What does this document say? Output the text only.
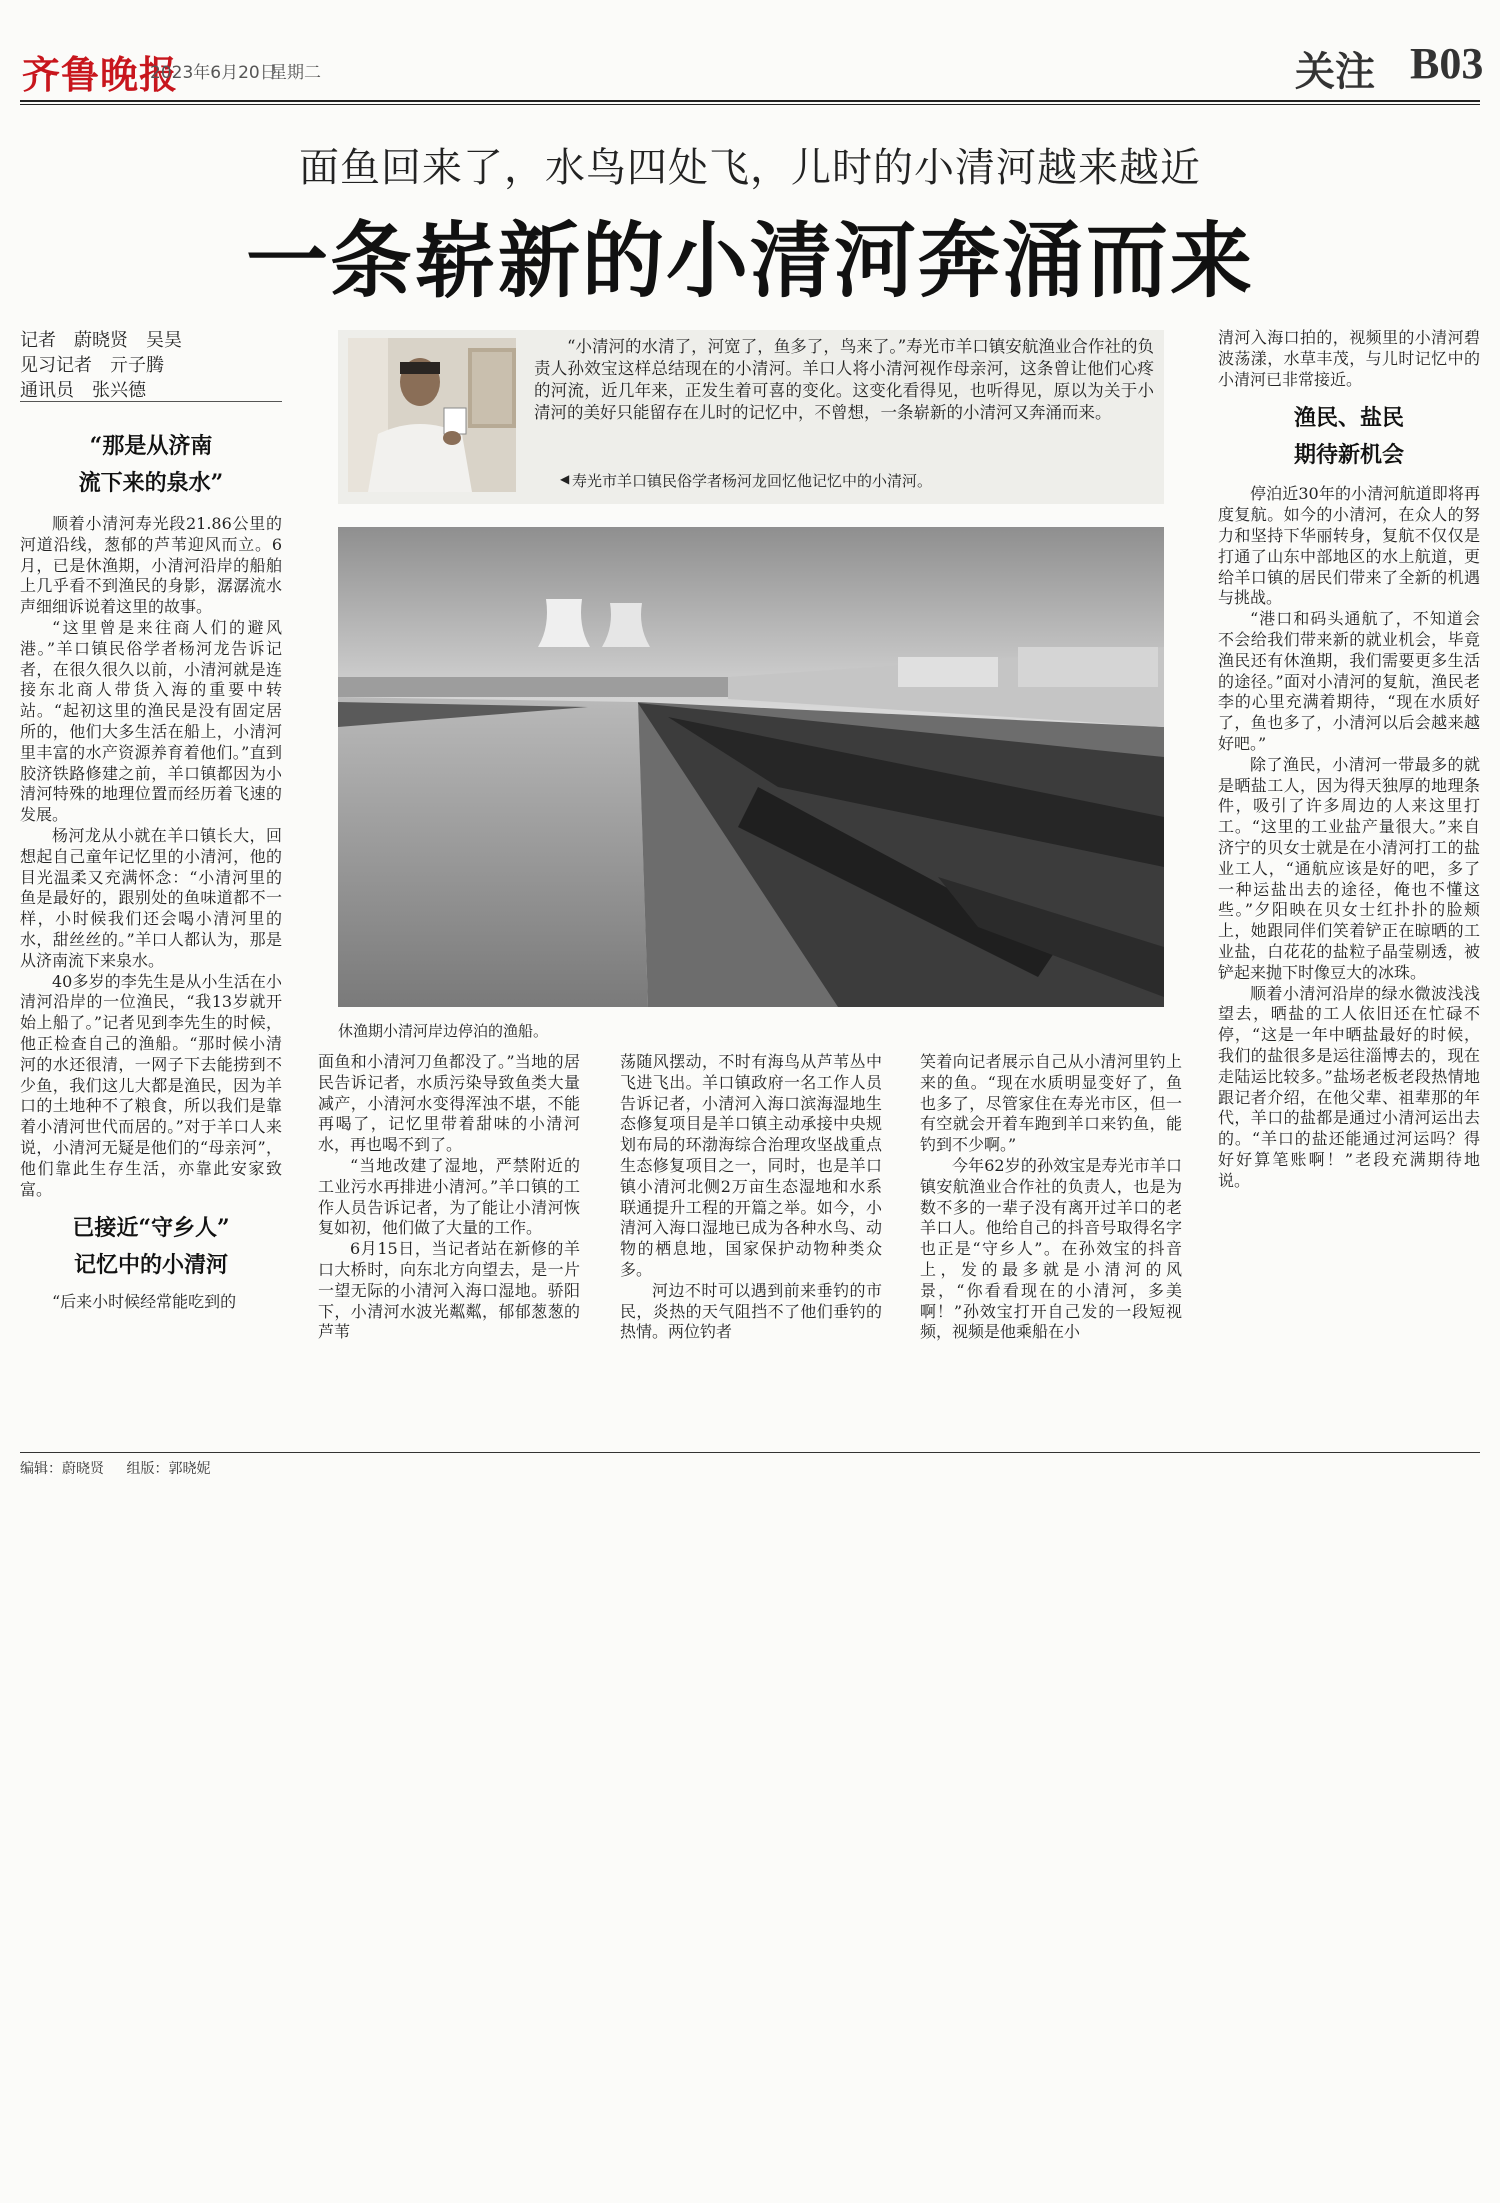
齐鲁晚报
2023年6月20日
星期二	关注 B03
面鱼回来了，水鸟四处飞，儿时的小清河越来越近
一条崭新的小清河奔涌而来
记者　蔚晓贤　吴昊
见习记者　亓子腾
通讯员　张兴德
“那是从济南
流下来的泉水”

顺着小清河寿光段21.86公里的河道沿线，葱郁的芦苇迎风而立。6月，已是休渔期，小清河沿岸的船舶上几乎看不到渔民的身影，潺潺流水声细细诉说着这里的故事。

“这里曾是来往商人们的避风港。”羊口镇民俗学者杨河龙告诉记者，在很久很久以前，小清河就是连接东北商人带货入海的重要中转站。“起初这里的渔民是没有固定居所的，他们大多生活在船上，小清河里丰富的水产资源养育着他们。”直到胶济铁路修建之前，羊口镇都因为小清河特殊的地理位置而经历着飞速的发展。

杨河龙从小就在羊口镇长大，回想起自己童年记忆里的小清河，他的目光温柔又充满怀念：“小清河里的鱼是最好的，跟别处的鱼味道都不一样，小时候我们还会喝小清河里的水，甜丝丝的。”羊口人都认为，那是从济南流下来泉水。

40多岁的李先生是从小生活在小清河沿岸的一位渔民，“我13岁就开始上船了。”记者见到李先生的时候，他正检查自己的渔船。“那时候小清河的水还很清，一网子下去能捞到不少鱼，我们这儿大都是渔民，因为羊口的土地种不了粮食，所以我们是靠着小清河世代而居的。”对于羊口人来说，小清河无疑是他们的“母亲河”，他们靠此生存生活，亦靠此安家致富。

已接近“守乡人”
记忆中的小清河

“后来小时候经常能吃到的

“小清河的水清了，河宽了，鱼多了，鸟来了。”寿光市羊口镇安航渔业合作社的负责人孙效宝这样总结现在的小清河。羊口人将小清河视作母亲河，这条曾让他们心疼的河流，近几年来，正发生着可喜的变化。这变化看得见，也听得见，原以为关于小清河的美好只能留存在儿时的记忆中，不曾想，一条崭新的小清河又奔涌而来。

◀ 寿光市羊口镇民俗学者杨河龙回忆他记忆中的小清河。
休渔期小清河岸边停泊的渔船。

面鱼和小清河刀鱼都没了。”当地的居民告诉记者，水质污染导致鱼类大量减产，小清河水变得浑浊不堪，不能再喝了，记忆里带着甜味的小清河水，再也喝不到了。

“当地改建了湿地，严禁附近的工业污水再排进小清河。”羊口镇的工作人员告诉记者，为了能让小清河恢复如初，他们做了大量的工作。

6月15日，当记者站在新修的羊口大桥时，向东北方向望去，是一片一望无际的小清河入海口湿地。骄阳下，小清河水波光粼粼，郁郁葱葱的芦苇

荡随风摆动，不时有海鸟从芦苇丛中飞进飞出。羊口镇政府一名工作人员告诉记者，小清河入海口滨海湿地生态修复项目是羊口镇主动承接中央规划布局的环渤海综合治理攻坚战重点生态修复项目之一，同时，也是羊口镇小清河北侧2万亩生态湿地和水系联通提升工程的开篇之举。如今，小清河入海口湿地已成为各种水鸟、动物的栖息地，国家保护动物种类众多。

河边不时可以遇到前来垂钓的市民，炎热的天气阻挡不了他们垂钓的热情。两位钓者

笑着向记者展示自己从小清河里钓上来的鱼。“现在水质明显变好了，鱼也多了，尽管家住在寿光市区，但一有空就会开着车跑到羊口来钓鱼，能钓到不少啊。”

今年62岁的孙效宝是寿光市羊口镇安航渔业合作社的负责人，也是为数不多的一辈子没有离开过羊口的老羊口人。他给自己的抖音号取得名字也正是“守乡人”。在孙效宝的抖音上，发的最多就是小清河的风景，“你看看现在的小清河，多美啊！”孙效宝打开自己发的一段短视频，视频是他乘船在小

清河入海口拍的，视频里的小清河碧波荡漾，水草丰茂，与儿时记忆中的小清河已非常接近。

渔民、盐民
期待新机会

停泊近30年的小清河航道即将再度复航。如今的小清河，在众人的努力和坚持下华丽转身，复航不仅仅是打通了山东中部地区的水上航道，更给羊口镇的居民们带来了全新的机遇与挑战。

“港口和码头通航了，不知道会不会给我们带来新的就业机会，毕竟渔民还有休渔期，我们需要更多生活的途径。”面对小清河的复航，渔民老李的心里充满着期待，“现在水质好了，鱼也多了，小清河以后会越来越好吧。”

除了渔民，小清河一带最多的就是晒盐工人，因为得天独厚的地理条件，吸引了许多周边的人来这里打工。“这里的工业盐产量很大。”来自济宁的贝女士就是在小清河打工的盐业工人，“通航应该是好的吧，多了一种运盐出去的途径，俺也不懂这些。”夕阳映在贝女士红扑扑的脸颊上，她跟同伴们笑着铲正在晾晒的工业盐，白花花的盐粒子晶莹剔透，被铲起来抛下时像豆大的冰珠。

顺着小清河沿岸的绿水微波浅浅望去，晒盐的工人依旧还在忙碌不停，“这是一年中晒盐最好的时候，我们的盐很多是运往淄博去的，现在走陆运比较多。”盐场老板老段热情地跟记者介绍，在他父辈、祖辈那的年代，羊口的盐都是通过小清河运出去的。“羊口的盐还能通过河运吗？得好好算笔账啊！”老段充满期待地说。

编辑：蔚晓贤 组版：郭晓妮
